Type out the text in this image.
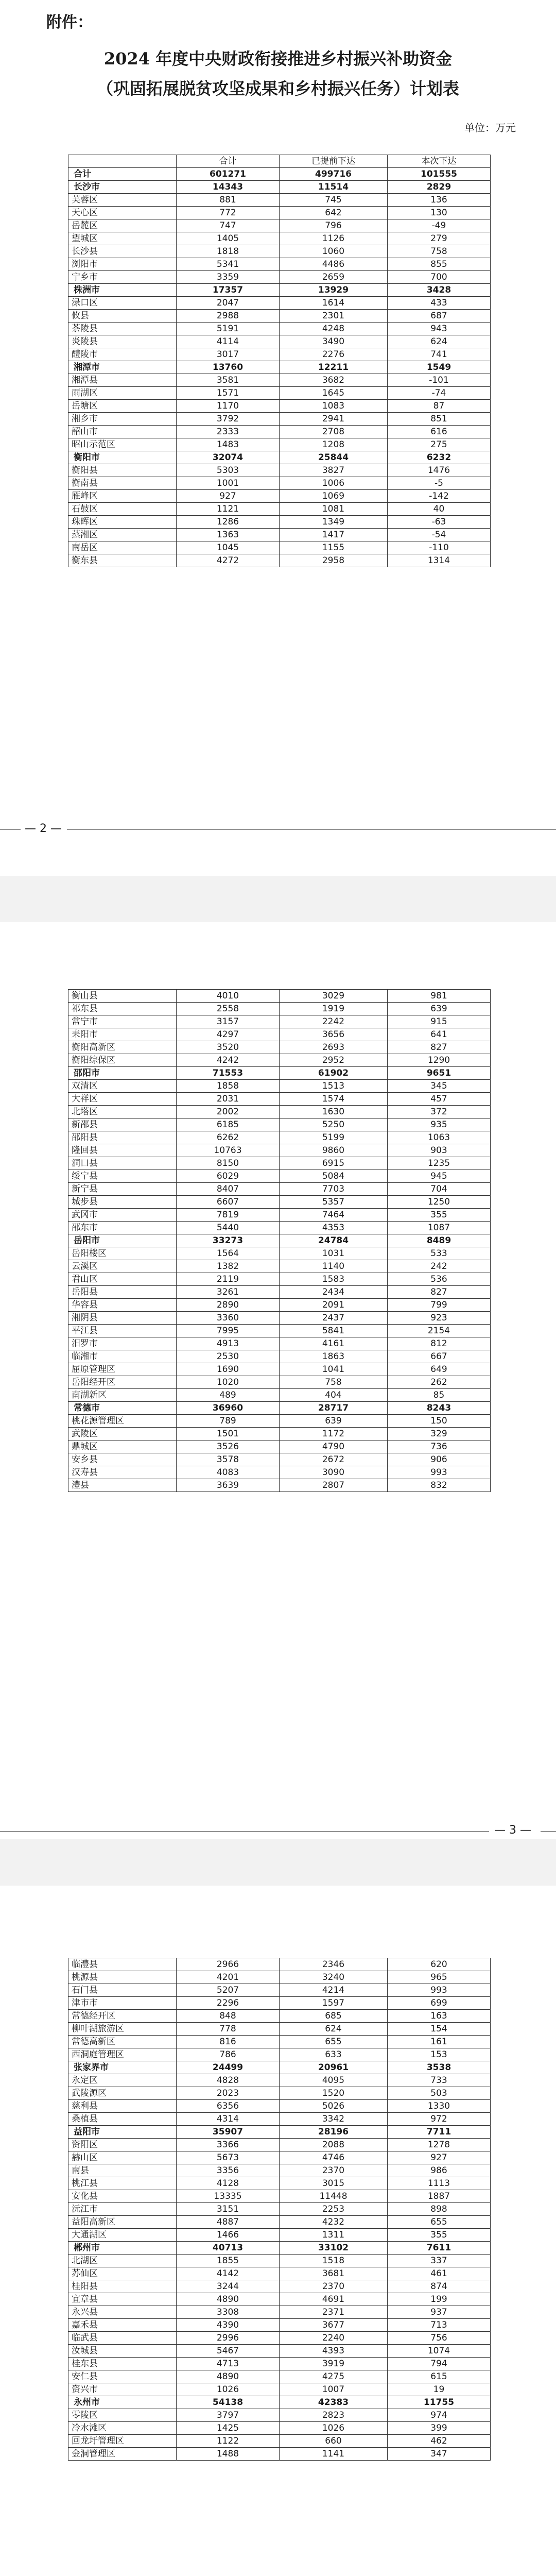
附件：
2024 年度中央财政衔接推进乡村振兴补助资金
（巩固拓展脱贫攻坚成果和乡村振兴任务）计划表
单位：万元
	合计	已提前下达	本次下达
合计	601271	499716	101555
长沙市	14343	11514	2829
芙蓉区	881	745	136
天心区	772	642	130
岳麓区	747	796	-49
望城区	1405	1126	279
长沙县	1818	1060	758
浏阳市	5341	4486	855
宁乡市	3359	2659	700
株洲市	17357	13929	3428
渌口区	2047	1614	433
攸县	2988	2301	687
茶陵县	5191	4248	943
炎陵县	4114	3490	624
醴陵市	3017	2276	741
湘潭市	13760	12211	1549
湘潭县	3581	3682	-101
雨湖区	1571	1645	-74
岳塘区	1170	1083	87
湘乡市	3792	2941	851
韶山市	2333	2708	616
昭山示范区	1483	1208	275
衡阳市	32074	25844	6232
衡阳县	5303	3827	1476
衡南县	1001	1006	-5
雁峰区	927	1069	-142
石鼓区	1121	1081	40
珠晖区	1286	1349	-63
蒸湘区	1363	1417	-54
南岳区	1045	1155	-110
衡东县	4272	2958	1314
— 2 —
衡山县	4010	3029	981
祁东县	2558	1919	639
常宁市	3157	2242	915
耒阳市	4297	3656	641
衡阳高新区	3520	2693	827
衡阳综保区	4242	2952	1290
邵阳市	71553	61902	9651
双清区	1858	1513	345
大祥区	2031	1574	457
北塔区	2002	1630	372
新邵县	6185	5250	935
邵阳县	6262	5199	1063
隆回县	10763	9860	903
洞口县	8150	6915	1235
绥宁县	6029	5084	945
新宁县	8407	7703	704
城步县	6607	5357	1250
武冈市	7819	7464	355
邵东市	5440	4353	1087
岳阳市	33273	24784	8489
岳阳楼区	1564	1031	533
云溪区	1382	1140	242
君山区	2119	1583	536
岳阳县	3261	2434	827
华容县	2890	2091	799
湘阴县	3360	2437	923
平江县	7995	5841	2154
汨罗市	4913	4161	812
临湘市	2530	1863	667
屈原管理区	1690	1041	649
岳阳经开区	1020	758	262
南湖新区	489	404	85
常德市	36960	28717	8243
桃花源管理区	789	639	150
武陵区	1501	1172	329
鼎城区	3526	4790	736
安乡县	3578	2672	906
汉寿县	4083	3090	993
澧县	3639	2807	832
— 3 —
临澧县	2966	2346	620
桃源县	4201	3240	965
石门县	5207	4214	993
津市市	2296	1597	699
常德经开区	848	685	163
柳叶湖旅游区	778	624	154
常德高新区	816	655	161
西洞庭管理区	786	633	153
张家界市	24499	20961	3538
永定区	4828	4095	733
武陵源区	2023	1520	503
慈利县	6356	5026	1330
桑植县	4314	3342	972
益阳市	35907	28196	7711
资阳区	3366	2088	1278
赫山区	5673	4746	927
南县	3356	2370	986
桃江县	4128	3015	1113
安化县	13335	11448	1887
沅江市	3151	2253	898
益阳高新区	4887	4232	655
大通湖区	1466	1311	355
郴州市	40713	33102	7611
北湖区	1855	1518	337
苏仙区	4142	3681	461
桂阳县	3244	2370	874
宜章县	4890	4691	199
永兴县	3308	2371	937
嘉禾县	4390	3677	713
临武县	2996	2240	756
汝城县	5467	4393	1074
桂东县	4713	3919	794
安仁县	4890	4275	615
资兴市	1026	1007	19
永州市	54138	42383	11755
零陵区	3797	2823	974
冷水滩区	1425	1026	399
回龙圩管理区	1122	660	462
金洞管理区	1488	1141	347
